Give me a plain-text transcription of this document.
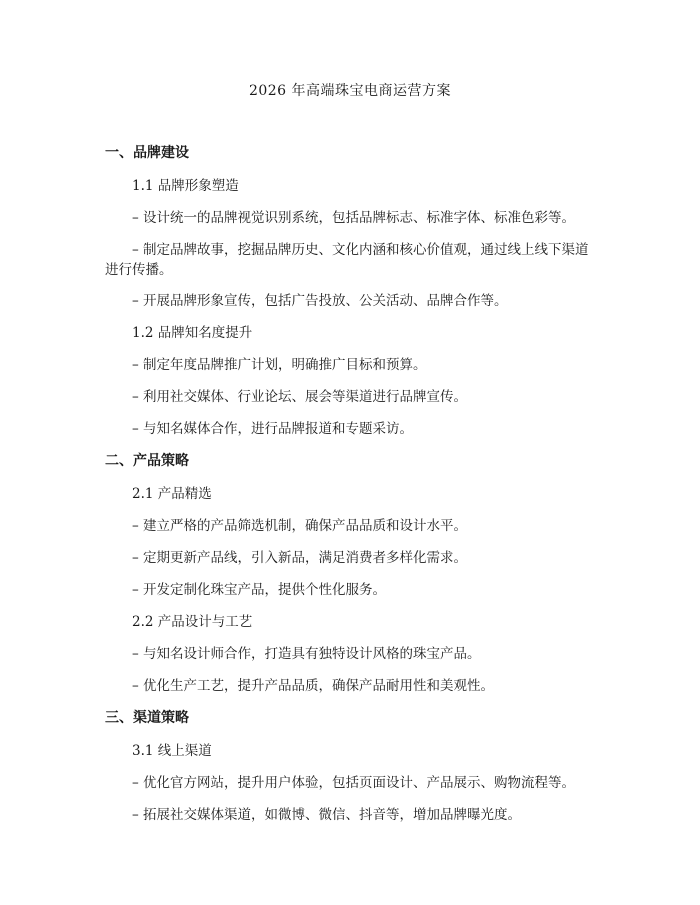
2026 年高端珠宝电商运营方案
一、品牌建设
1.1 品牌形象塑造
– 设计统一的品牌视觉识别系统，包括品牌标志、标准字体、标准色彩等。
– 制定品牌故事，挖掘品牌历史、文化内涵和核心价值观，通过线上线下渠道进行传播。
– 开展品牌形象宣传，包括广告投放、公关活动、品牌合作等。
1.2 品牌知名度提升
– 制定年度品牌推广计划，明确推广目标和预算。
– 利用社交媒体、行业论坛、展会等渠道进行品牌宣传。
– 与知名媒体合作，进行品牌报道和专题采访。
二、产品策略
2.1 产品精选
– 建立严格的产品筛选机制，确保产品品质和设计水平。
– 定期更新产品线，引入新品，满足消费者多样化需求。
– 开发定制化珠宝产品，提供个性化服务。
2.2 产品设计与工艺
– 与知名设计师合作，打造具有独特设计风格的珠宝产品。
– 优化生产工艺，提升产品品质，确保产品耐用性和美观性。
三、渠道策略
3.1 线上渠道
– 优化官方网站，提升用户体验，包括页面设计、产品展示、购物流程等。
– 拓展社交媒体渠道，如微博、微信、抖音等，增加品牌曝光度。
